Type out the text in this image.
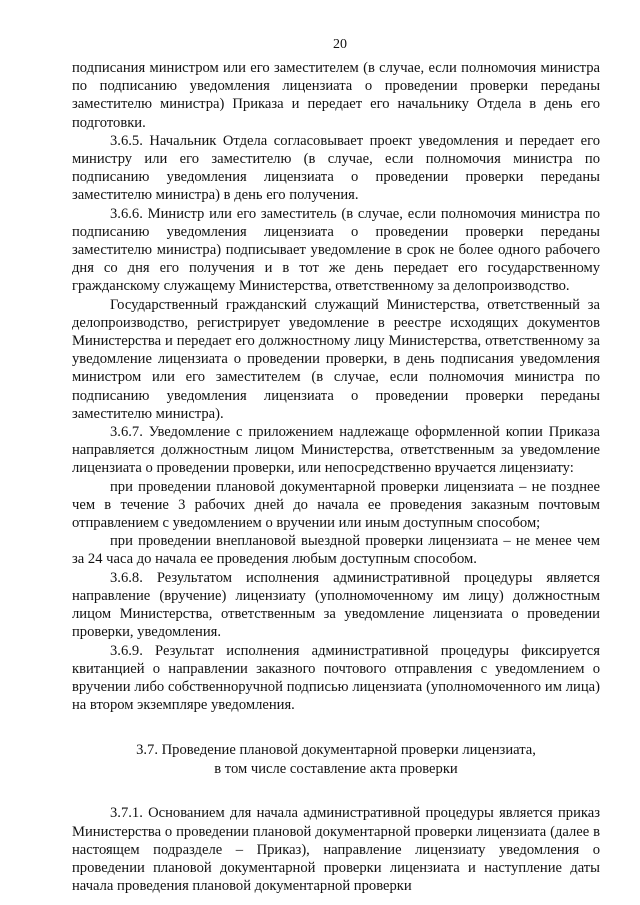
20

подписания министром или его заместителем (в случае, если полномочия министра по подписанию уведомления лицензиата о проведении проверки переданы заместителю министра) Приказа и передает его начальнику Отдела в день его подготовки.

3.6.5. Начальник Отдела согласовывает проект уведомления и передает его министру или его заместителю (в случае, если полномочия министра по подписанию уведомления лицензиата о проведении проверки переданы заместителю министра) в день его получения.

3.6.6. Министр или его заместитель (в случае, если полномочия министра по подписанию уведомления лицензиата о проведении проверки переданы заместителю министра) подписывает уведомление в срок не более одного рабочего дня со дня его получения и в тот же день передает его государственному гражданскому служащему Министерства, ответственному за делопроизводство.

Государственный гражданский служащий Министерства, ответственный за делопроизводство, регистрирует уведомление в реестре исходящих документов Министерства и передает его должностному лицу Министерства, ответственному за уведомление лицензиата о проведении проверки, в день подписания уведомления министром или его заместителем (в случае, если полномочия министра по подписанию уведомления лицензиата о проведении проверки переданы заместителю министра).

3.6.7. Уведомление с приложением надлежаще оформленной копии Приказа направляется должностным лицом Министерства, ответственным за уведомление лицензиата о проведении проверки, или непосредственно вручается лицензиату:

при проведении плановой документарной проверки лицензиата – не позднее чем в течение 3 рабочих дней до начала ее проведения заказным почтовым отправлением с уведомлением о вручении или иным доступным способом;

при проведении внеплановой выездной проверки лицензиата – не менее чем за 24 часа до начала ее проведения любым доступным способом.

3.6.8. Результатом исполнения административной процедуры является направление (вручение) лицензиату (уполномоченному им лицу) должностным лицом Министерства, ответственным за уведомление лицензиата о проведении проверки, уведомления.

3.6.9. Результат исполнения административной процедуры фиксируется квитанцией о направлении заказного почтового отправления с уведомлением о вручении либо собственноручной подписью лицензиата (уполномоченного им лица) на втором экземпляре уведомления.

3.7. Проведение плановой документарной проверки лицензиата,
в том числе составление акта проверки

3.7.1. Основанием для начала административной процедуры является приказ Министерства о проведении плановой документарной проверки лицензиата (далее в настоящем подразделе – Приказ), направление лицензиату уведомления о проведении плановой документарной проверки лицензиата и наступление даты начала проведения плановой документарной проверки
